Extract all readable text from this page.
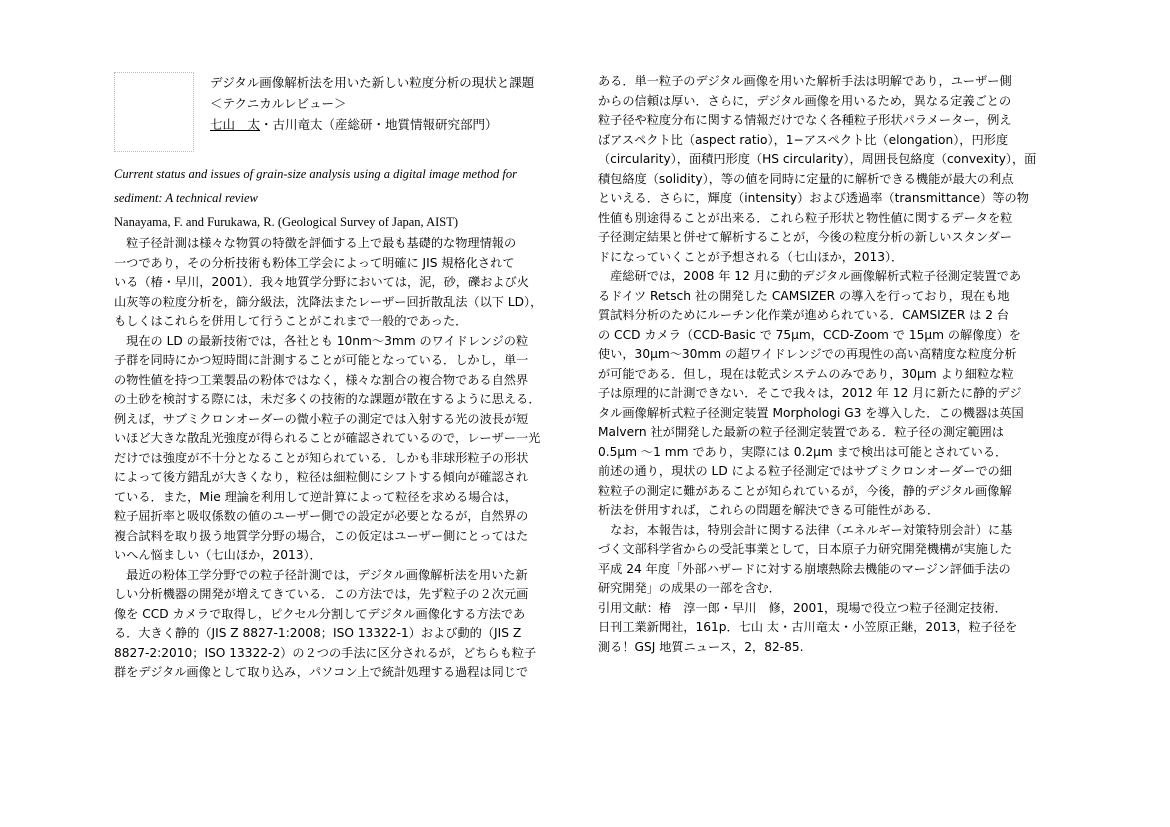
デジタル画像解析法を用いた新しい粒度分析の現状と課題
＜テクニカルレビュー＞
七山　太・古川竜太（産総研・地質情報研究部門）
Current status and issues of grain-size analysis using a digital image method for
sediment: A technical review
Nanayama, F. and Furukawa, R. (Geological Survey of Japan, AIST)
　粒子径計測は様々な物質の特徴を評価する上で最も基礎的な物理情報の
一つであり，その分析技術も粉体工学会によって明確に JIS 規格化されて
いる（椿・早川，2001）．我々地質学分野においては，泥，砂，礫および火
山灰等の粒度分析を，篩分級法，沈降法またレーザー回折散乱法（以下 LD），
もしくはこれらを併用して行うことがこれまで一般的であった．
　現在の LD の最新技術では，各社とも 10nm〜3mm のワイドレンジの粒
子群を同時にかつ短時間に計測することが可能となっている．しかし，単一
の物性値を持つ工業製品の粉体ではなく，様々な割合の複合物である自然界
の土砂を検討する際には，未だ多くの技術的な課題が散在するように思える．
例えば，サブミクロンオーダーの微小粒子の測定では入射する光の波長が短
いほど大きな散乱光強度が得られることが確認されているので，レーザー一光
だけでは強度が不十分となることが知られている．しかも非球形粒子の形状
によって後方錯乱が大きくなり，粒径は細粒側にシフトする傾向が確認され
ている．また，Mie 理論を利用して逆計算によって粒径を求める場合は，
粒子屈折率と吸収係数の値のユーザー側での設定が必要となるが，自然界の
複合試料を取り扱う地質学分野の場合，この仮定はユーザー側にとってはた
いへん悩ましい（七山ほか，2013）．
　最近の粉体工学分野での粒子径計測では，デジタル画像解析法を用いた新
しい分析機器の開発が増えてきている．この方法では，先ず粒子の２次元画
像を CCD カメラで取得し，ピクセル分割してデジタル画像化する方法であ
る．大きく静的（JIS Z 8827-1:2008；ISO 13322-1）および動的（JIS Z
8827-2:2010；ISO 13322-2）の２つの手法に区分されるが，どちらも粒子
群をデジタル画像として取り込み，パソコン上で統計処理する過程は同じで
ある．単一粒子のデジタル画像を用いた解析手法は明解であり，ユーザー側
からの信頼は厚い．さらに，デジタル画像を用いるため，異なる定義ごとの
粒子径や粒度分布に関する情報だけでなく各種粒子形状パラメーター，例え
ばアスペクト比（aspect ratio），1−アスペクト比（elongation），円形度
（circularity），面積円形度（HS circularity），周囲長包絡度（convexity），面
積包絡度（solidity），等の値を同時に定量的に解析できる機能が最大の利点
といえる．さらに，輝度（intensity）および透過率（transmittance）等の物
性値も別途得ることが出来る．これら粒子形状と物性値に関するデータを粒
子径測定結果と併せて解析することが，今後の粒度分析の新しいスタンダー
ドになっていくことが予想される（七山ほか，2013）．
　産総研では，2008 年 12 月に動的デジタル画像解析式粒子径測定装置であ
るドイツ Retsch 社の開発した CAMSIZER の導入を行っており，現在も地
質試料分析のためにルーチン化作業が進められている．CAMSIZER は 2 台
の CCD カメラ（CCD-Basic で 75μm，CCD-Zoom で 15μm の解像度）を
使い，30μm〜30mm の超ワイドレンジでの再現性の高い高精度な粒度分析
が可能である．但し，現在は乾式システムのみであり，30μm より細粒な粒
子は原理的に計測できない．そこで我々は，2012 年 12 月に新たに静的デジ
タル画像解析式粒子径測定装置 Morphologi G3 を導入した．この機器は英国
Malvern 社が開発した最新の粒子径測定装置である．粒子径の測定範囲は
0.5μm 〜1 mm であり，実際には 0.2μm まで検出は可能とされている．
前述の通り，現状の LD による粒子径測定ではサブミクロンオーダーでの細
粒粒子の測定に難があることが知られているが，今後，静的デジタル画像解
析法を併用すれば，これらの問題を解決できる可能性がある．
　なお，本報告は，特別会計に関する法律（エネルギー対策特別会計）に基
づく文部科学省からの受託事業として，日本原子力研究開発機構が実施した
平成 24 年度「外部ハザードに対する崩壊熱除去機能のマージン評価手法の
研究開発」の成果の一部を含む．
引用文献：椿　淳一郎・早川　修，2001，現場で役立つ粒子径測定技術．
日刊工業新聞社，161p．七山 太・古川竜太・小笠原正継，2013，粒子径を
測る！GSJ 地質ニュース，2，82-85.
